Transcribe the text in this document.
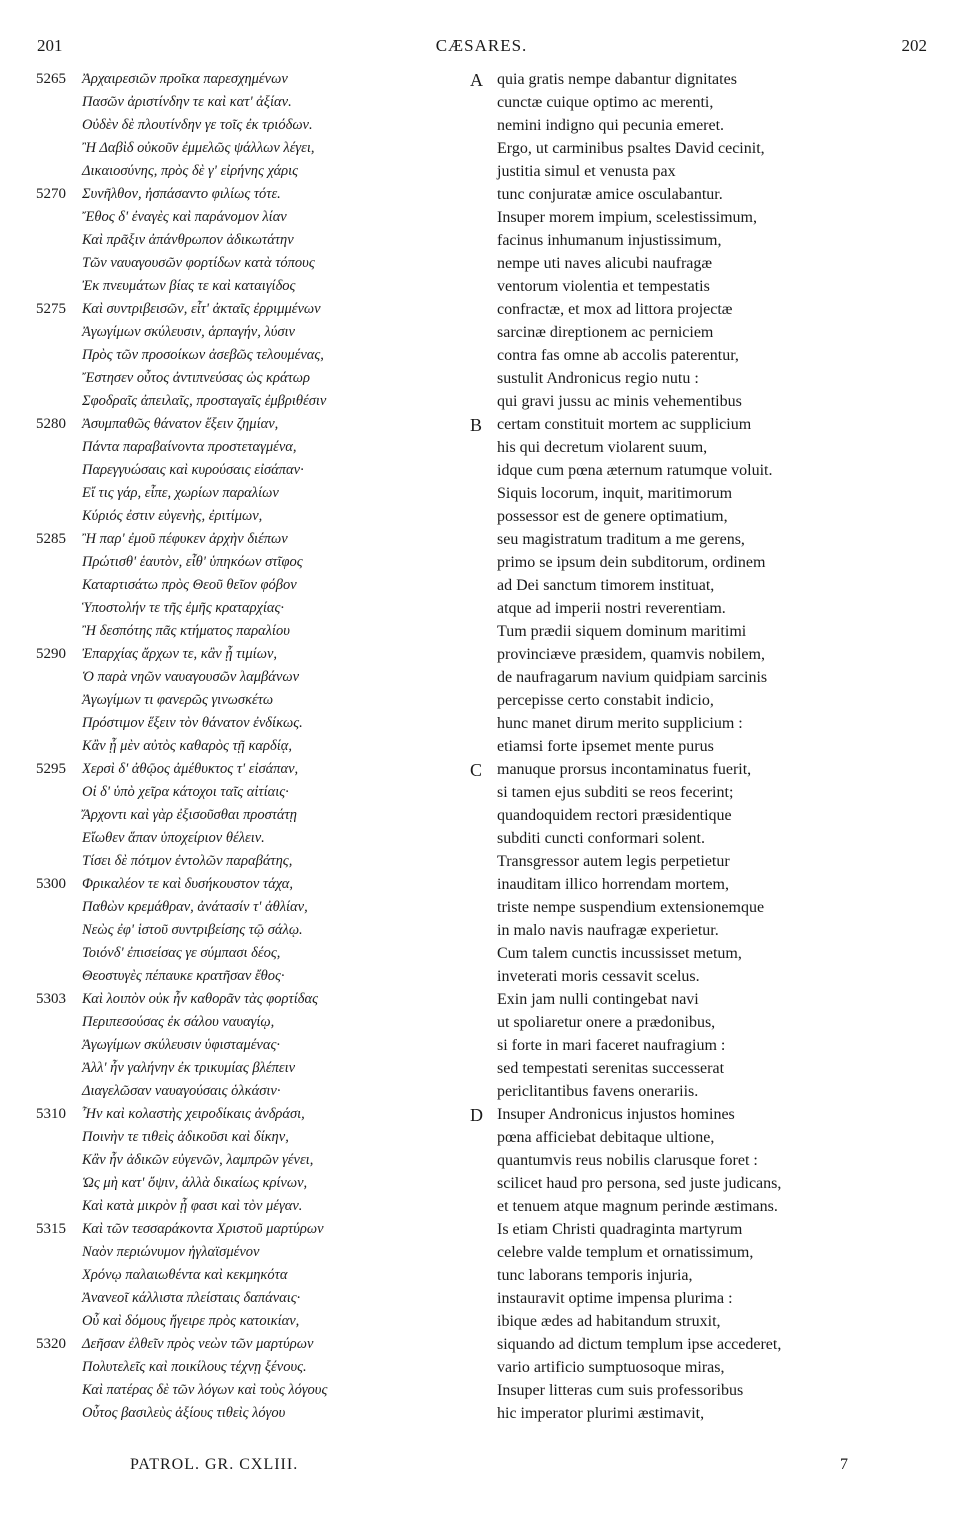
201	CÆSARES.	202
5265	Ἀρχαιρεσιῶν προῖκα παρεσχημένων
Πασῶν ἀριστίνδην τε καὶ κατ' ἀξίαν.
Οὐδὲν δὲ πλουτίνδην γε τοῖς ἐκ τριόδων.
Ἢ Δαβὶδ οὐκοῦν ἐμμελῶς ψάλλων λέγει,
Δικαιοσύνης, πρὸς δὲ γ' εἰρήνης χάρις
5270	Συνῆλθον, ἠσπάσαντο φιλίως τότε.
Ἔθος δ' ἐναγὲς καὶ παράνομον λίαν
Καὶ πρᾶξιν ἀπάνθρωπον ἀδικωτάτην
Τῶν ναυαγουσῶν φορτίδων κατὰ τόπους
Ἐκ πνευμάτων βίας τε καὶ καταιγίδος
5275	Καὶ συντριβεισῶν, εἶτ' ἀκταῖς ἐρριμμένων
Ἀγωγίμων σκύλευσιν, ἁρπαγήν, λύσιν
Πρὸς τῶν προσοίκων ἀσεβῶς τελουμένας,
Ἔστησεν οὗτος ἀντιπνεύσας ὡς κράτωρ
Σφοδραῖς ἀπειλαῖς, προσταγαῖς ἐμβριθέσιν
5280	Ἀσυμπαθῶς θάνατον ἕξειν ζημίαν,
Πάντα παραβαίνοντα προστεταγμένα,
Παρεγγυώσαις καὶ κυρούσαις εἰσάπαν·
Εἴ τις γάρ, εἶπε, χωρίων παραλίων
Κύριός ἐστιν εὐγενὴς, ἐριτίμων,
5285	Ἢ παρ' ἐμοῦ πέφυκεν ἀρχὴν διέπων
Πρώτισθ' ἑαυτὸν, εἶθ' ὑπηκόων στῖφος
Καταρτισάτω πρὸς Θεοῦ θεῖον φόβον
Ὑποστολήν τε τῆς ἐμῆς κραταρχίας·
Ἢ δεσπότης πᾶς κτήματος παραλίου
5290	Ἐπαρχίας ἄρχων τε, κἂν ᾖ τιμίων,
Ὁ παρὰ νηῶν ναυαγουσῶν λαμβάνων
Ἀγωγίμων τι φανερῶς γινωσκέτω
Πρόστιμον ἕξειν τὸν θάνατον ἐνδίκως.
Κἂν ᾖ μὲν αὐτὸς καθαρὸς τῇ καρδίᾳ,
5295	Χερσὶ δ' ἀθῷος ἀμέθυκτος τ' εἰσάπαν,
Οἱ δ' ὑπὸ χεῖρα κάτοχοι ταῖς αἰτίαις·
Ἄρχοντι καὶ γὰρ ἐξισοῦσθαι προστάτῃ
Εἴωθεν ἅπαν ὑποχείριον θέλειν.
Τίσει δὲ πότμον ἐντολῶν παραβάτης,
5300	Φρικαλέον τε καὶ δυσήκουστον τάχα,
Παθὼν κρεμάθραν, ἀνάτασίν τ' ἀθλίαν,
Νεὼς ἐφ' ἱστοῦ συντριβείσης τῷ σάλῳ.
Τοιόνδ' ἐπισείσας γε σύμπασι δέος,
Θεοστυγὲς πέπαυκε κρατῆσαν ἔθος·
5303	Καὶ λοιπὸν οὐκ ἦν καθορᾶν τὰς φορτίδας
Περιπεσούσας ἐκ σάλου ναυαγίῳ,
Ἀγωγίμων σκύλευσιν ὑφισταμένας·
Ἀλλ' ἦν γαλήνην ἐκ τρικυμίας βλέπειν
Διαγελῶσαν ναυαγούσαις ὁλκάσιν·
5310	Ἦν καὶ κολαστὴς χειροδίκαις ἀνδράσι,
Ποινὴν τε τιθεὶς ἀδικοῦσι καὶ δίκην,
Κἂν ἦν ἀδικῶν εὐγενῶν, λαμπρῶν γένει,
Ὡς μὴ κατ' ὄψιν, ἀλλὰ δικαίως κρίνων,
Καὶ κατὰ μικρὸν ᾗ φασι καὶ τὸν μέγαν.
5315	Καὶ τῶν τεσσαράκοντα Χριστοῦ μαρτύρων
Ναὸν περιώνυμον ἠγλαϊσμένον
Χρόνῳ παλαιωθέντα καὶ κεκμηκότα
Ἀνανεοῖ κάλλιστα πλείσταις δαπάναις·
Οὗ καὶ δόμους ἤγειρε πρὸς κατοικίαν,
5320	Δεῆσαν ἐλθεῖν πρὸς νεὼν τῶν μαρτύρων
Πολυτελεῖς καὶ ποικίλους τέχνῃ ξένους.
Καὶ πατέρας δὲ τῶν λόγων καὶ τοὺς λόγους
Οὗτος βασιλεὺς ἀξίους τιθεὶς λόγου
A
B
C
D
quia gratis nempe dabantur dignitates
cunctæ cuique optimo ac merenti,
nemini indigno qui pecunia emeret.
Ergo, ut carminibus psaltes David cecinit,
justitia simul et venusta pax
tunc conjuratæ amice osculabantur.
Insuper morem impium, scelestissimum,
facinus inhumanum injustissimum,
nempe uti naves alicubi naufragæ
ventorum violentia et tempestatis
confractæ, et mox ad littora projectæ
sarcinæ direptionem ac perniciem
contra fas omne ab accolis paterentur,
sustulit Andronicus regio nutu :
qui gravi jussu ac minis vehementibus
certam constituit mortem ac supplicium
his qui decretum violarent suum,
idque cum pœna æternum ratumque voluit.
Siquis locorum, inquit, maritimorum
possessor est de genere optimatium,
seu magistratum traditum a me gerens,
primo se ipsum dein subditorum, ordinem
ad Dei sanctum timorem instituat,
atque ad imperii nostri reverentiam.
Tum prædii siquem dominum maritimi
provinciæve præsidem, quamvis nobilem,
de naufragarum navium quidpiam sarcinis
percepisse certo constabit indicio,
hunc manet dirum merito supplicium :
etiamsi forte ipsemet mente purus
manuque prorsus incontaminatus fuerit,
si tamen ejus subditi se reos fecerint;
quandoquidem rectori præsidentique
subditi cuncti conformari solent.
Transgressor autem legis perpetietur
inauditam illico horrendam mortem,
triste nempe suspendium extensionemque
in malo navis naufragæ experietur.
Cum talem cunctis incussisset metum,
inveterati moris cessavit scelus.
Exin jam nulli contingebat navi
ut spoliaretur onere a prædonibus,
si forte in mari faceret naufragium :
sed tempestati serenitas successerat
periclitantibus favens onerariis.
Insuper Andronicus injustos homines
pœna afficiebat debitaque ultione,
quantumvis reus nobilis clarusque foret :
scilicet haud pro persona, sed juste judicans,
et tenuem atque magnum perinde æstimans.
Is etiam Christi quadraginta martyrum
celebre valde templum et ornatissimum,
tunc laborans temporis injuria,
instauravit optime impensa plurima :
ibique ædes ad habitandum struxit,
siquando ad dictum templum ipse accederet,
vario artificio sumptuosoque miras,
Insuper litteras cum suis professoribus
hic imperator plurimi æstimavit,
PATROL. GR. CXLIII.	7
